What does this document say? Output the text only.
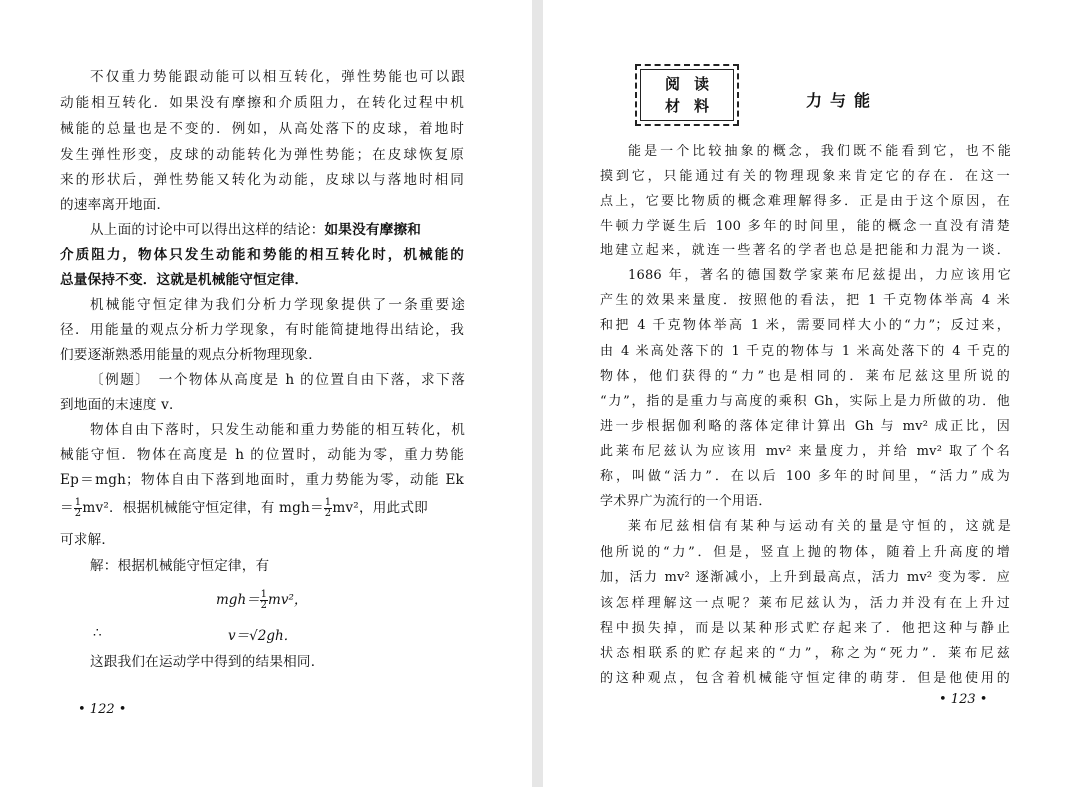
不仅重力势能跟动能可以相互转化，弹性势能也可以跟
动能相互转化．如果没有摩擦和介质阻力，在转化过程中机
械能的总量也是不变的．例如，从高处落下的皮球，着地时
发生弹性形变，皮球的动能转化为弹性势能；在皮球恢复原
来的形状后，弹性势能又转化为动能，皮球以与落地时相同
的速率离开地面．
从上面的讨论中可以得出这样的结论：如果没有摩擦和
介质阻力，物体只发生动能和势能的相互转化时，机械能的
总量保持不变．这就是机械能守恒定律．
机械能守恒定律为我们分析力学现象提供了一条重要途
径．用能量的观点分析力学现象，有时能简捷地得出结论，我
们要逐渐熟悉用能量的观点分析物理现象．
〔例题〕　一个物体从高度是 h 的位置自由下落，求下落
到地面的末速度 v．
物体自由下落时，只发生动能和重力势能的相互转化，机
械能守恒．物体在高度是 h 的位置时，动能为零，重力势能
Ep＝mgh；物体自由下落到地面时，重力势能为零，动能 Ek
＝ $\frac{1}{2} mv^2$．根据机械能守恒定律，有 $mgh= \frac{1}{2} mv^2$，用此式即
可求解．
解：根据机械能守恒定律，有
$mgh= \frac{1}{2} mv^2$，
∴	v＝√2gh．
这跟我们在运动学中得到的结果相同．
• 122 •
阅读
材料	力与能
能是一个比较抽象的概念，我们既不能看到它，也不能
摸到它，只能通过有关的物理现象来肯定它的存在．在这一
点上，它要比物质的概念难理解得多．正是由于这个原因，在
牛顿力学诞生后 100 多年的时间里，能的概念一直没有清楚
地建立起来，就连一些著名的学者也总是把能和力混为一谈．
1686 年，著名的德国数学家莱布尼兹提出，力应该用它
产生的效果来量度．按照他的看法，把 1 千克物体举高 4 米
和把 4 千克物体举高 1 米，需要同样大小的“力”；反过来，
由 4 米高处落下的 1 千克的物体与 1 米高处落下的 4 千克的
物体，他们获得的“力”也是相同的．莱布尼兹这里所说的
“力”，指的是重力与高度的乘积 Gh，实际上是力所做的功．他
进一步根据伽利略的落体定律计算出 Gh 与 mv² 成正比，因
此莱布尼兹认为应该用 mv² 来量度力，并给 mv² 取了个名
称，叫做“活力”．在以后 100 多年的时间里，“活力”成为
学术界广为流行的一个用语．
莱布尼兹相信有某种与运动有关的量是守恒的，这就是
他所说的“力”．但是，竖直上抛的物体，随着上升高度的增
加，活力 mv² 逐渐减小，上升到最高点，活力 mv² 变为零．应
该怎样理解这一点呢？莱布尼兹认为，活力并没有在上升过
程中损失掉，而是以某种形式贮存起来了．他把这种与静止
状态相联系的贮存起来的“力”，称之为“死力”．莱布尼兹
的这种观点，包含着机械能守恒定律的萌芽．但是他使用的
• 123 •
